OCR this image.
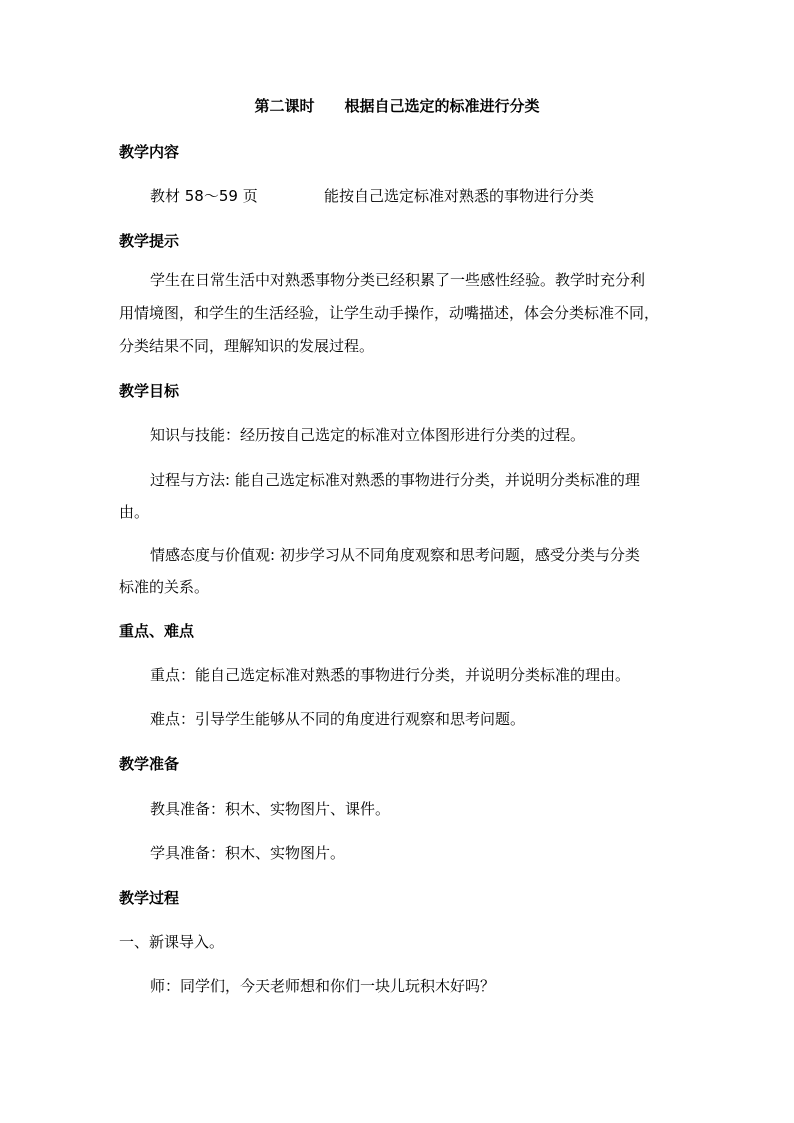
第二课时 根据自己选定的标准进行分类
教学内容
教材 58～59 页	能按自己选定标准对熟悉的事物进行分类
教学提示
学生在日常生活中对熟悉事物分类已经积累了一些感性经验。教学时充分利
用情境图，和学生的生活经验，让学生动手操作，动嘴描述，体会分类标准不同，
分类结果不同，理解知识的发展过程。
教学目标
知识与技能：经历按自己选定的标准对立体图形进行分类的过程。
过程与方法: 能自己选定标准对熟悉的事物进行分类，并说明分类标准的理
由。
情感态度与价值观: 初步学习从不同角度观察和思考问题，感受分类与分类
标准的关系。
重点、难点
重点：能自己选定标准对熟悉的事物进行分类，并说明分类标准的理由。
难点：引导学生能够从不同的角度进行观察和思考问题。
教学准备
教具准备：积木、实物图片、课件。
学具准备：积木、实物图片。
教学过程
一、新课导入。
师：同学们，今天老师想和你们一块儿玩积木好吗？
